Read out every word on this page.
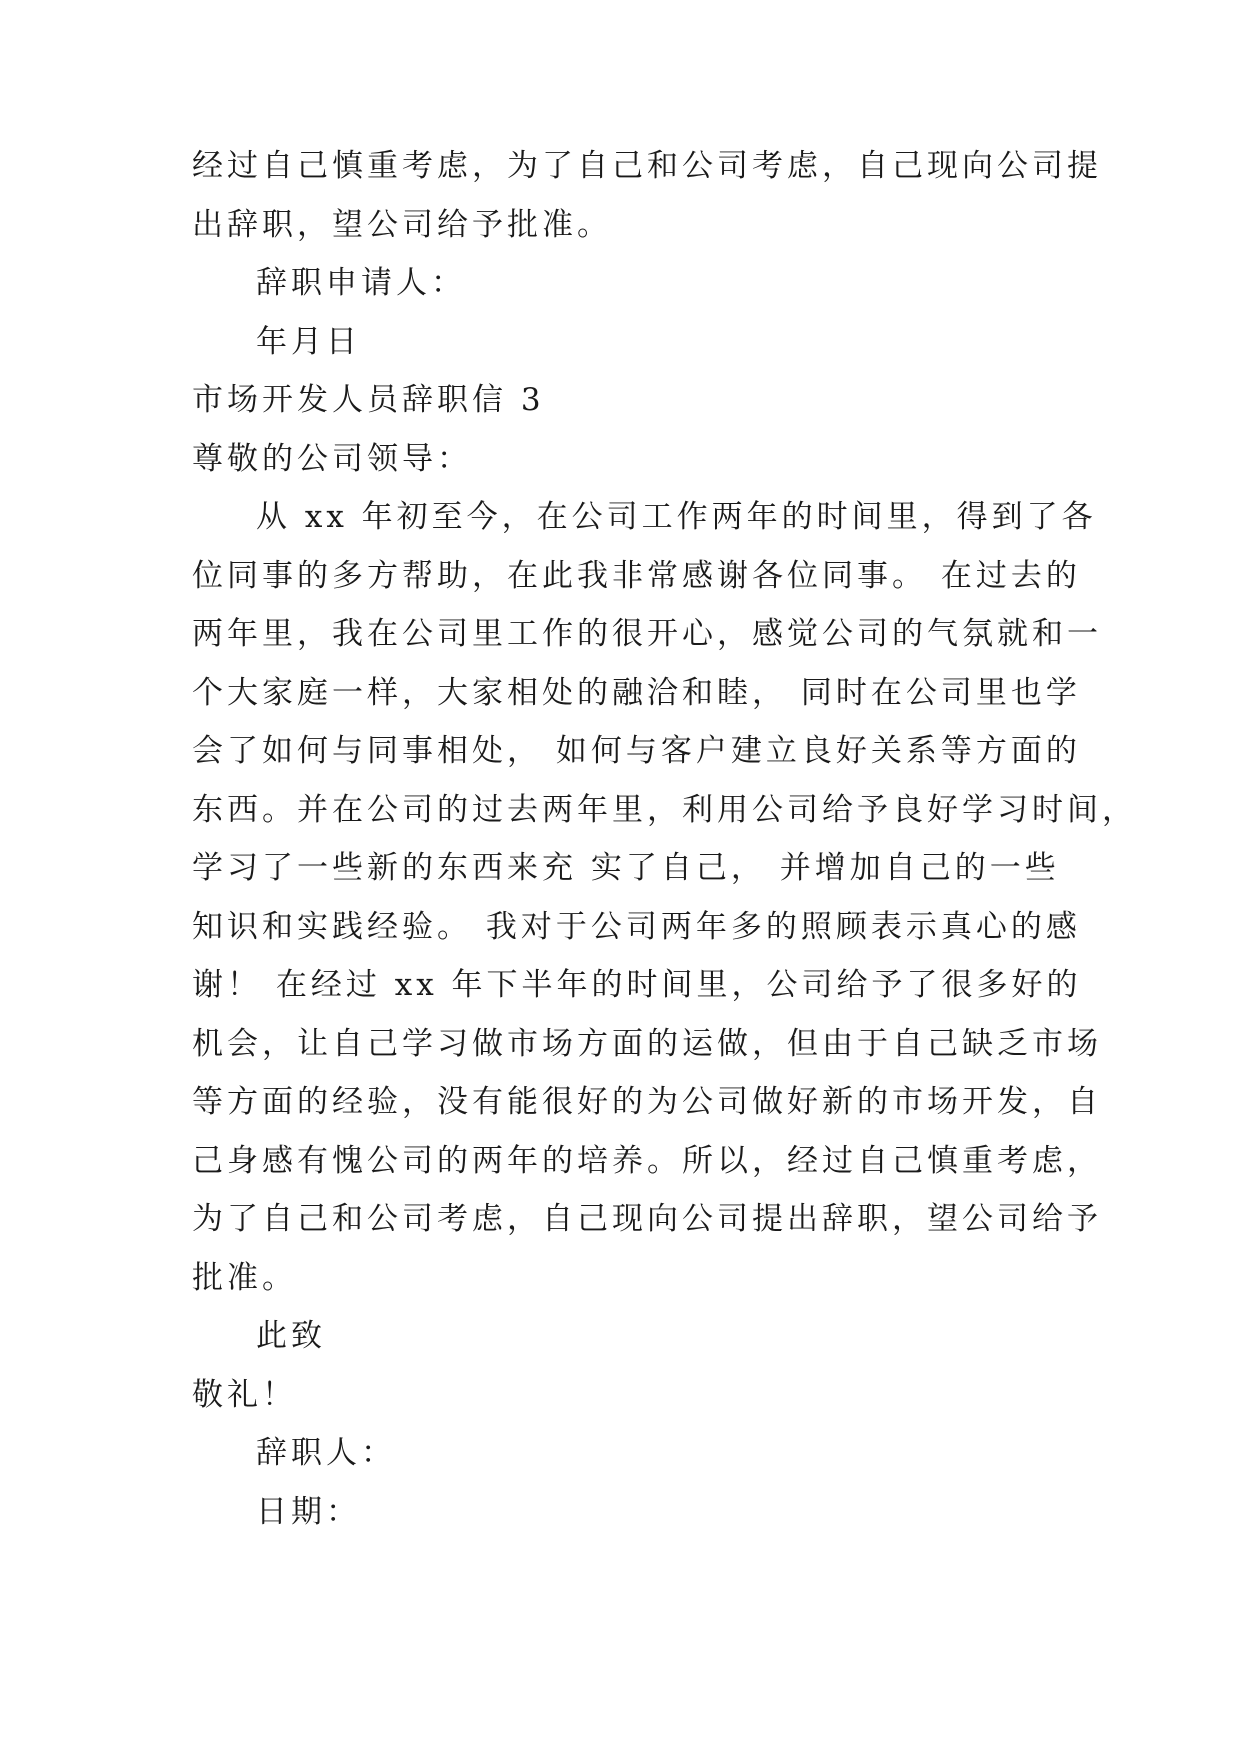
经过自己慎重考虑，为了自己和公司考虑，自己现向公司提
出辞职，望公司给予批准。
辞职申请人：
年月日
市场开发人员辞职信 3
尊敬的公司领导：
从 xx 年初至今，在公司工作两年的时间里，得到了各
位同事的多方帮助，在此我非常感谢各位同事。 在过去的
两年里，我在公司里工作的很开心，感觉公司的气氛就和一
个大家庭一样，大家相处的融洽和睦， 同时在公司里也学
会了如何与同事相处， 如何与客户建立良好关系等方面的
东西。并在公司的过去两年里，利用公司给予良好学习时间，
学习了一些新的东西来充 实了自己， 并增加自己的一些
知识和实践经验。 我对于公司两年多的照顾表示真心的感
谢！ 在经过 xx 年下半年的时间里，公司给予了很多好的
机会，让自己学习做市场方面的运做，但由于自己缺乏市场
等方面的经验，没有能很好的为公司做好新的市场开发，自
己身感有愧公司的两年的培养。所以，经过自己慎重考虑，
为了自己和公司考虑，自己现向公司提出辞职，望公司给予
批准。
此致
敬礼！
辞职人：
日期：
